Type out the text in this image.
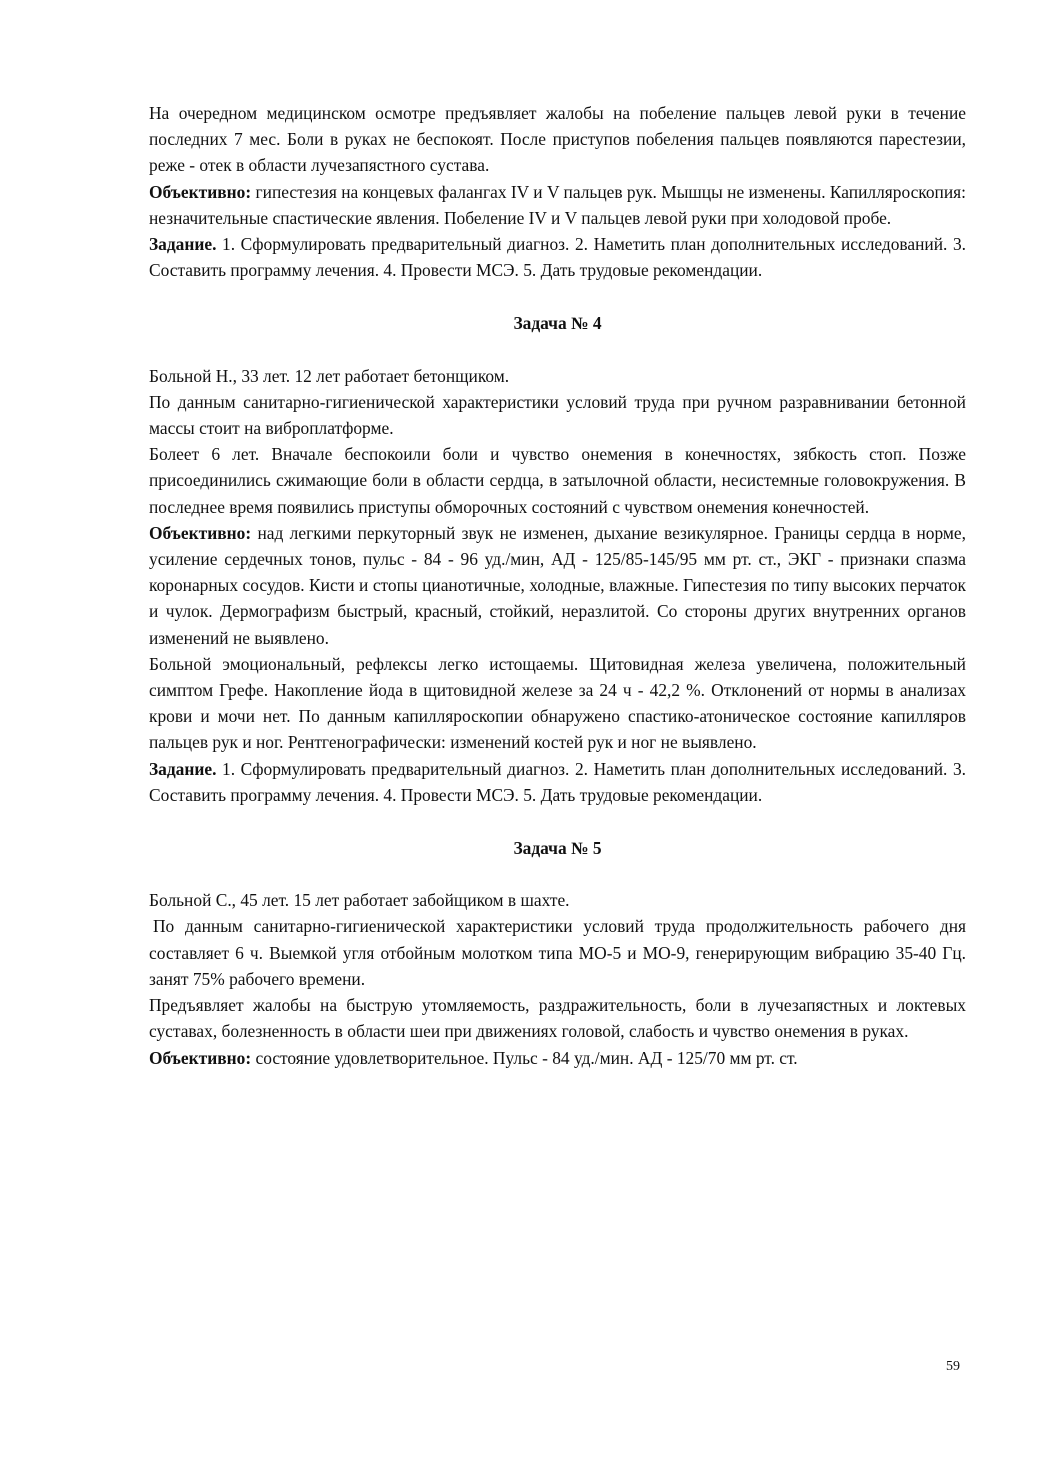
На очередном медицинском осмотре предъявляет жалобы на побеление пальцев левой руки в течение последних 7 мес. Боли в руках не беспокоят. После приступов побеления пальцев появляются парестезии, реже - отек в области лучезапястного сустава.

Объективно: гипестезия на концевых фалангах IV и V пальцев рук. Мышцы не изменены. Капилляроскопия: незначительные спастические явления. Побеление IV и V пальцев левой руки при холодовой пробе.

Задание. 1. Сформулировать предварительный диагноз. 2. Наметить план дополнительных исследований. 3. Составить программу лечения. 4. Провести МСЭ. 5. Дать трудовые рекомендации.

Задача № 4

Больной Н., 33 лет. 12 лет работает бетонщиком.

По данным санитарно-гигиенической характеристики условий труда при ручном разравнивании бетонной массы стоит на виброплатформе.

Болеет 6 лет. Вначале беспокоили боли и чувство онемения в конечностях, зябкость стоп. Позже присоединились сжимающие боли в области сердца, в затылочной области, несистемные головокружения. В последнее время появились приступы обморочных состояний с чувством онемения конечностей.

Объективно: над легкими перкуторный звук не изменен, дыхание везикулярное. Границы сердца в норме, усиление сердечных тонов, пульс - 84 - 96 уд./мин, АД - 125/85-145/95 мм рт. ст., ЭКГ - признаки спазма коронарных сосудов. Кисти и стопы цианотичные, холодные, влажные. Гипестезия по типу высоких перчаток и чулок. Дермографизм быстрый, красный, стойкий, неразлитой. Со стороны других внутренних органов изменений не выявлено.

Больной эмоциональный, рефлексы легко истощаемы. Щитовидная железа увеличена, положительный симптом Грефе. Накопление йода в щитовидной железе за 24 ч - 42,2 %. Отклонений от нормы в анализах крови и мочи нет. По данным капилляроскопии обнаружено спастико-атоническое состояние капилляров пальцев рук и ног. Рентгенографически: изменений костей рук и ног не выявлено.

Задание. 1. Сформулировать предварительный диагноз. 2. Наметить план дополнительных исследований. 3. Составить программу лечения. 4. Провести МСЭ. 5. Дать трудовые рекомендации.

Задача № 5

Больной С., 45 лет. 15 лет работает забойщиком в шахте.

По данным санитарно-гигиенической характеристики условий труда продолжительность рабочего дня составляет 6 ч. Выемкой угля отбойным молотком типа МО-5 и МО-9, генерирующим вибрацию 35-40 Гц. занят 75% рабочего времени.

Предъявляет жалобы на быструю утомляемость, раздражительность, боли в лучезапястных и локтевых суставах, болезненность в области шеи при движениях головой, слабость и чувство онемения в руках.

Объективно: состояние удовлетворительное. Пульс - 84 уд./мин. АД - 125/70 мм рт. ст.

59
